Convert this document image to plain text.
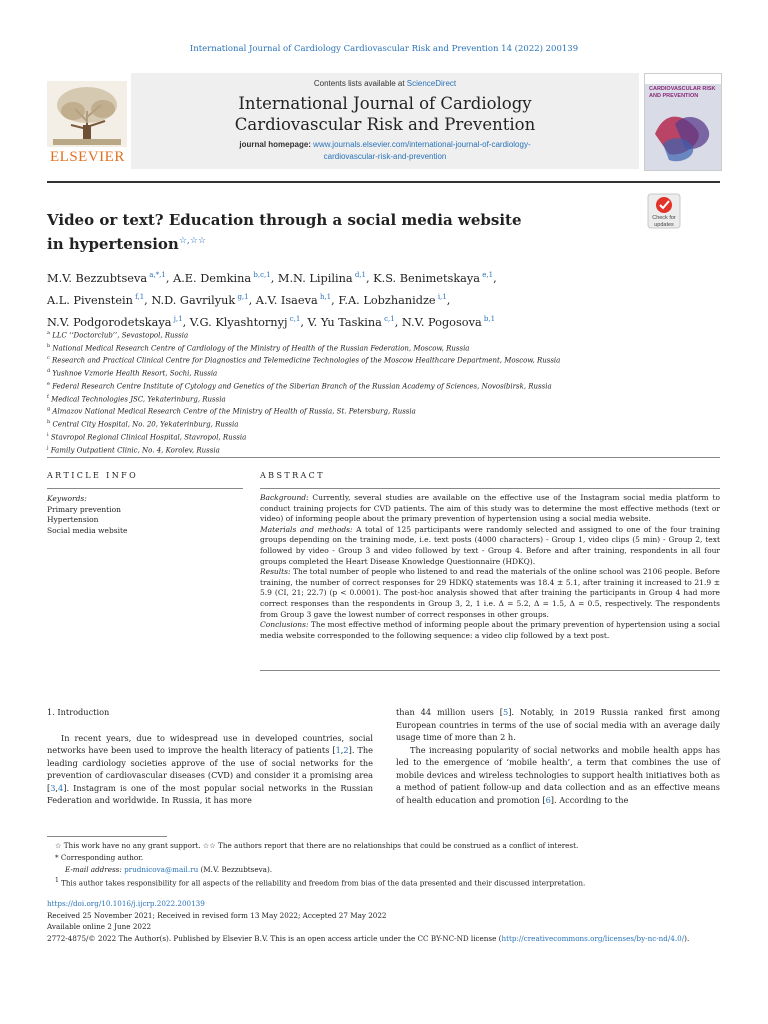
International Journal of Cardiology Cardiovascular Risk and Prevention 14 (2022) 200139
ELSEVIER
Contents lists available at ScienceDirect
International Journal of Cardiology
Cardiovascular Risk and Prevention
journal homepage: www.journals.elsevier.com/international-journal-of-cardiology-
cardiovascular-risk-and-prevention
CARDIOVASCULAR RISK AND PREVENTION
Video or text? Education through a social media website
in hypertension☆,☆☆
Check for
updates
M.V. Bezzubtseva $^{a,*,1}$, A.E. Demkina $^{b,c,1}$, M.N. Lipilina $^{d,1}$, K.S. Benimetskaya $^{e,1}$,
A.L. Pivenstein $^{f,1}$, N.D. Gavrilyuk $^{g,1}$, A.V. Isaeva $^{h,1}$, F.A. Lobzhanidze $^{i,1}$,
N.V. Podgorodetskaya $^{j,1}$, V.G. Klyashtornyj $^{c,1}$, V. Yu Taskina $^{c,1}$, N.V. Pogosova $^{b,1}$
$^a$ LLC ‘‘Doctorclub’’, Sevastopol, Russia
$^b$ National Medical Research Centre of Cardiology of the Ministry of Health of the Russian Federation, Moscow, Russia
$^c$ Research and Practical Clinical Centre for Diagnostics and Telemedicine Technologies of the Moscow Healthcare Department, Moscow, Russia
$^d$ Yushnoe Vzmorie Health Resort, Sochi, Russia
$^e$ Federal Research Centre Institute of Cytology and Genetics of the Siberian Branch of the Russian Academy of Sciences, Novosibirsk, Russia
$^f$ Medical Technologies JSC, Yekaterinburg, Russia
$^g$ Almazov National Medical Research Centre of the Ministry of Health of Russia, St. Petersburg, Russia
$^h$ Central City Hospital, No. 20, Yekaterinburg, Russia
$^i$ Stavropol Regional Clinical Hospital, Stavropol, Russia
$^j$ Family Outpatient Clinic, No. 4, Korolev, Russia
ARTICLE INFO	ABSTRACT
Keywords:
Primary prevention
Hypertension
Social media website
Background: Currently, several studies are available on the effective use of the Instagram social media platform to conduct training projects for CVD patients. The aim of this study was to determine the most effective methods (text or video) of informing people about the primary prevention of hypertension using a social media website.
Materials and methods: A total of 125 participants were randomly selected and assigned to one of the four training groups depending on the training mode, i.e. text posts (4000 characters) - Group 1, video clips (5 min) - Group 2, text followed by video - Group 3 and video followed by text - Group 4. Before and after training, respondents in all four groups completed the Heart Disease Knowledge Questionnaire (HDKQ).
Results: The total number of people who listened to and read the materials of the online school was 2106 people. Before training, the number of correct responses for 29 HDKQ statements was 18.4 ± 5.1, after training it increased to 21.9 ± 5.9 (CI, 21; 22.7) (p < 0.0001). The post-hoc analysis showed that after training the participants in Group 4 had more correct responses than the respondents in Group 3, 2, 1 i.e. Δ = 5.2, Δ = 1.5, Δ = 0.5, respectively. The respondents from Group 3 gave the lowest number of correct responses in other groups.
Conclusions: The most effective method of informing people about the primary prevention of hypertension using a social media website corresponded to the following sequence: a video clip followed by a text post.
1. Introduction

In recent years, due to widespread use in developed countries, social networks have been used to improve the health literacy of patients [1,2]. The leading cardiology societies approve of the use of social networks for the prevention of cardiovascular diseases (CVD) and consider it a promising area [3,4]. Instagram is one of the most popular social networks in the Russian Federation and worldwide. In Russia, it has more

than 44 million users [5]. Notably, in 2019 Russia ranked first among European countries in terms of the use of social media with an average daily usage time of more than 2 h.

The increasing popularity of social networks and mobile health apps has led to the emergence of ‘mobile health’, a term that combines the use of mobile devices and wireless technologies to support health initiatives both as a method of patient follow-up and data collection and as an effective means of health education and promotion [6]. According to the

☆ This work have no any grant support. ☆☆ The authors report that there are no relationships that could be construed as a conflict of interest.
* Corresponding author.
E-mail address: prudnicova@mail.ru (M.V. Bezzubtseva).
$^1$ This author takes responsibility for all aspects of the reliability and freedom from bias of the data presented and their discussed interpretation.
https://doi.org/10.1016/j.ijcrp.2022.200139
Received 25 November 2021; Received in revised form 13 May 2022; Accepted 27 May 2022
Available online 2 June 2022
2772-4875/© 2022 The Author(s). Published by Elsevier B.V. This is an open access article under the CC BY-NC-ND license (http://creativecommons.org/licenses/by-nc-nd/4.0/).
